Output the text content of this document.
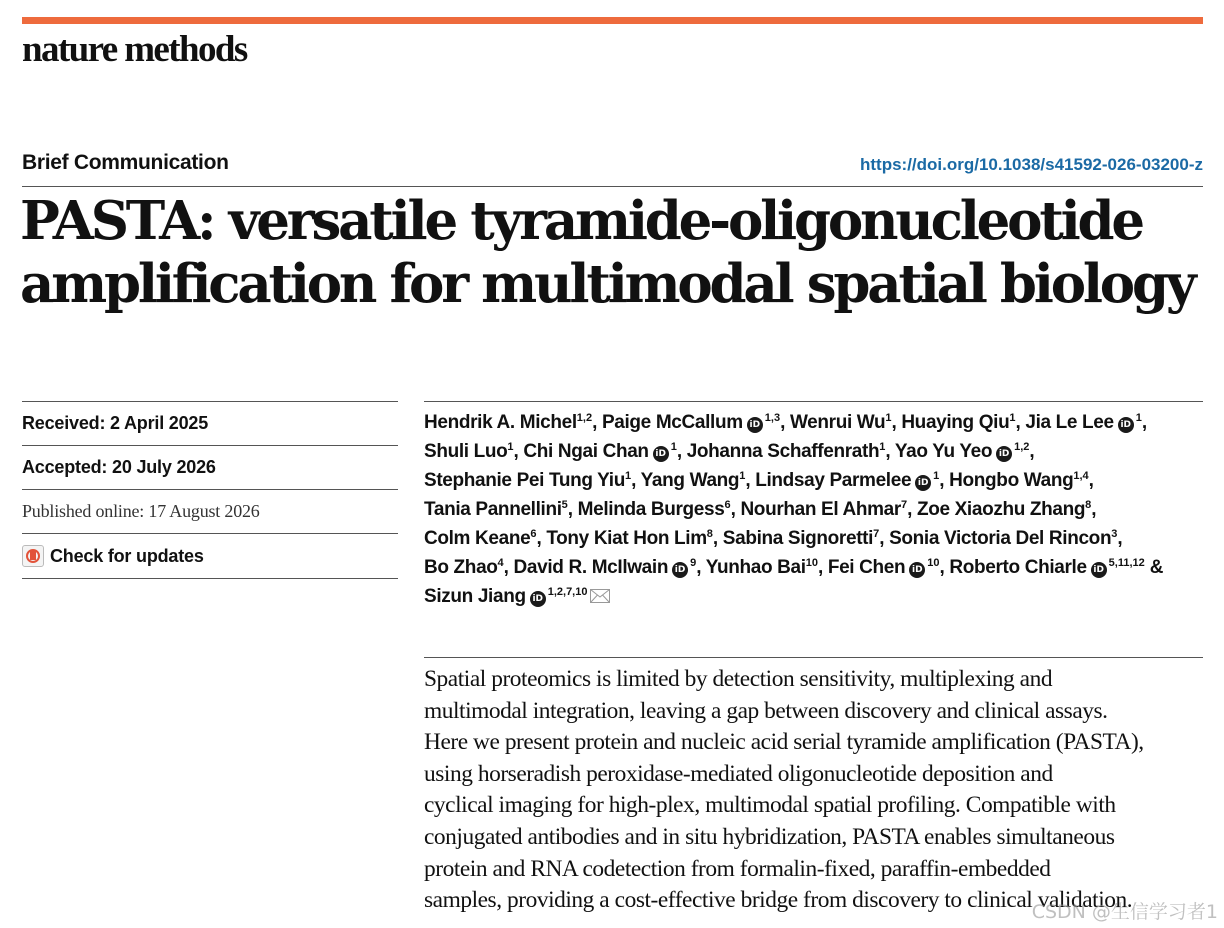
nature methods
Brief Communication	https://doi.org/10.1038/s41592-026-03200-z
PASTA: versatile tyramide-oligonucleotide amplification for multimodal spatial biology
Received: 2 April 2025
Accepted: 20 July 2026
Published online: 17 August 2026
Check for updates
Hendrik A. Michel$^{1,2}$, Paige McCallum iD$^{1,3}$, Wenrui Wu$^1$, Huaying Qiu$^1$, Jia Le Lee $iD^1$, Shuli Luo$^1$, Chi Ngai Chan $iD^1$, Johanna Schaffenrath$^1$, Yao Yu Yeo iD$^{1,2}$, Stephanie Pei Tung Yiu$^1$, Yang Wang$^1$, Lindsay Parmelee $iD^1$, Hongbo Wang$^{1,4}$, Tania Pannellini$^5$, Melinda Burgess$^6$, Nourhan El Ahmar$^7$, Zoe Xiaozhu Zhang$^8$, Colm Keane$^6$, Tony Kiat Hon Lim$^8$, Sabina Signoretti$^7$, Sonia Victoria Del Rincon$^3$, Bo Zhao$^4$, David R. McIlwain $iD^9$, Yunhao Bai$^{10}$, Fei Chen $iD^{10}$, Roberto Chiarle iD$^{5,11,12}$ & Sizun Jiang iD$^{1,2,7,10}$

Spatial proteomics is limited by detection sensitivity, multiplexing and
multimodal integration, leaving a gap between discovery and clinical assays.
Here we present protein and nucleic acid serial tyramide amplification (PASTA),
using horseradish peroxidase-mediated oligonucleotide deposition and
cyclical imaging for high-plex, multimodal spatial profiling. Compatible with
conjugated antibodies and in situ hybridization, PASTA enables simultaneous
protein and RNA codetection from formalin-fixed, paraffin-embedded
samples, providing a cost-effective bridge from discovery to clinical validation.

CSDN @生信学习者1
